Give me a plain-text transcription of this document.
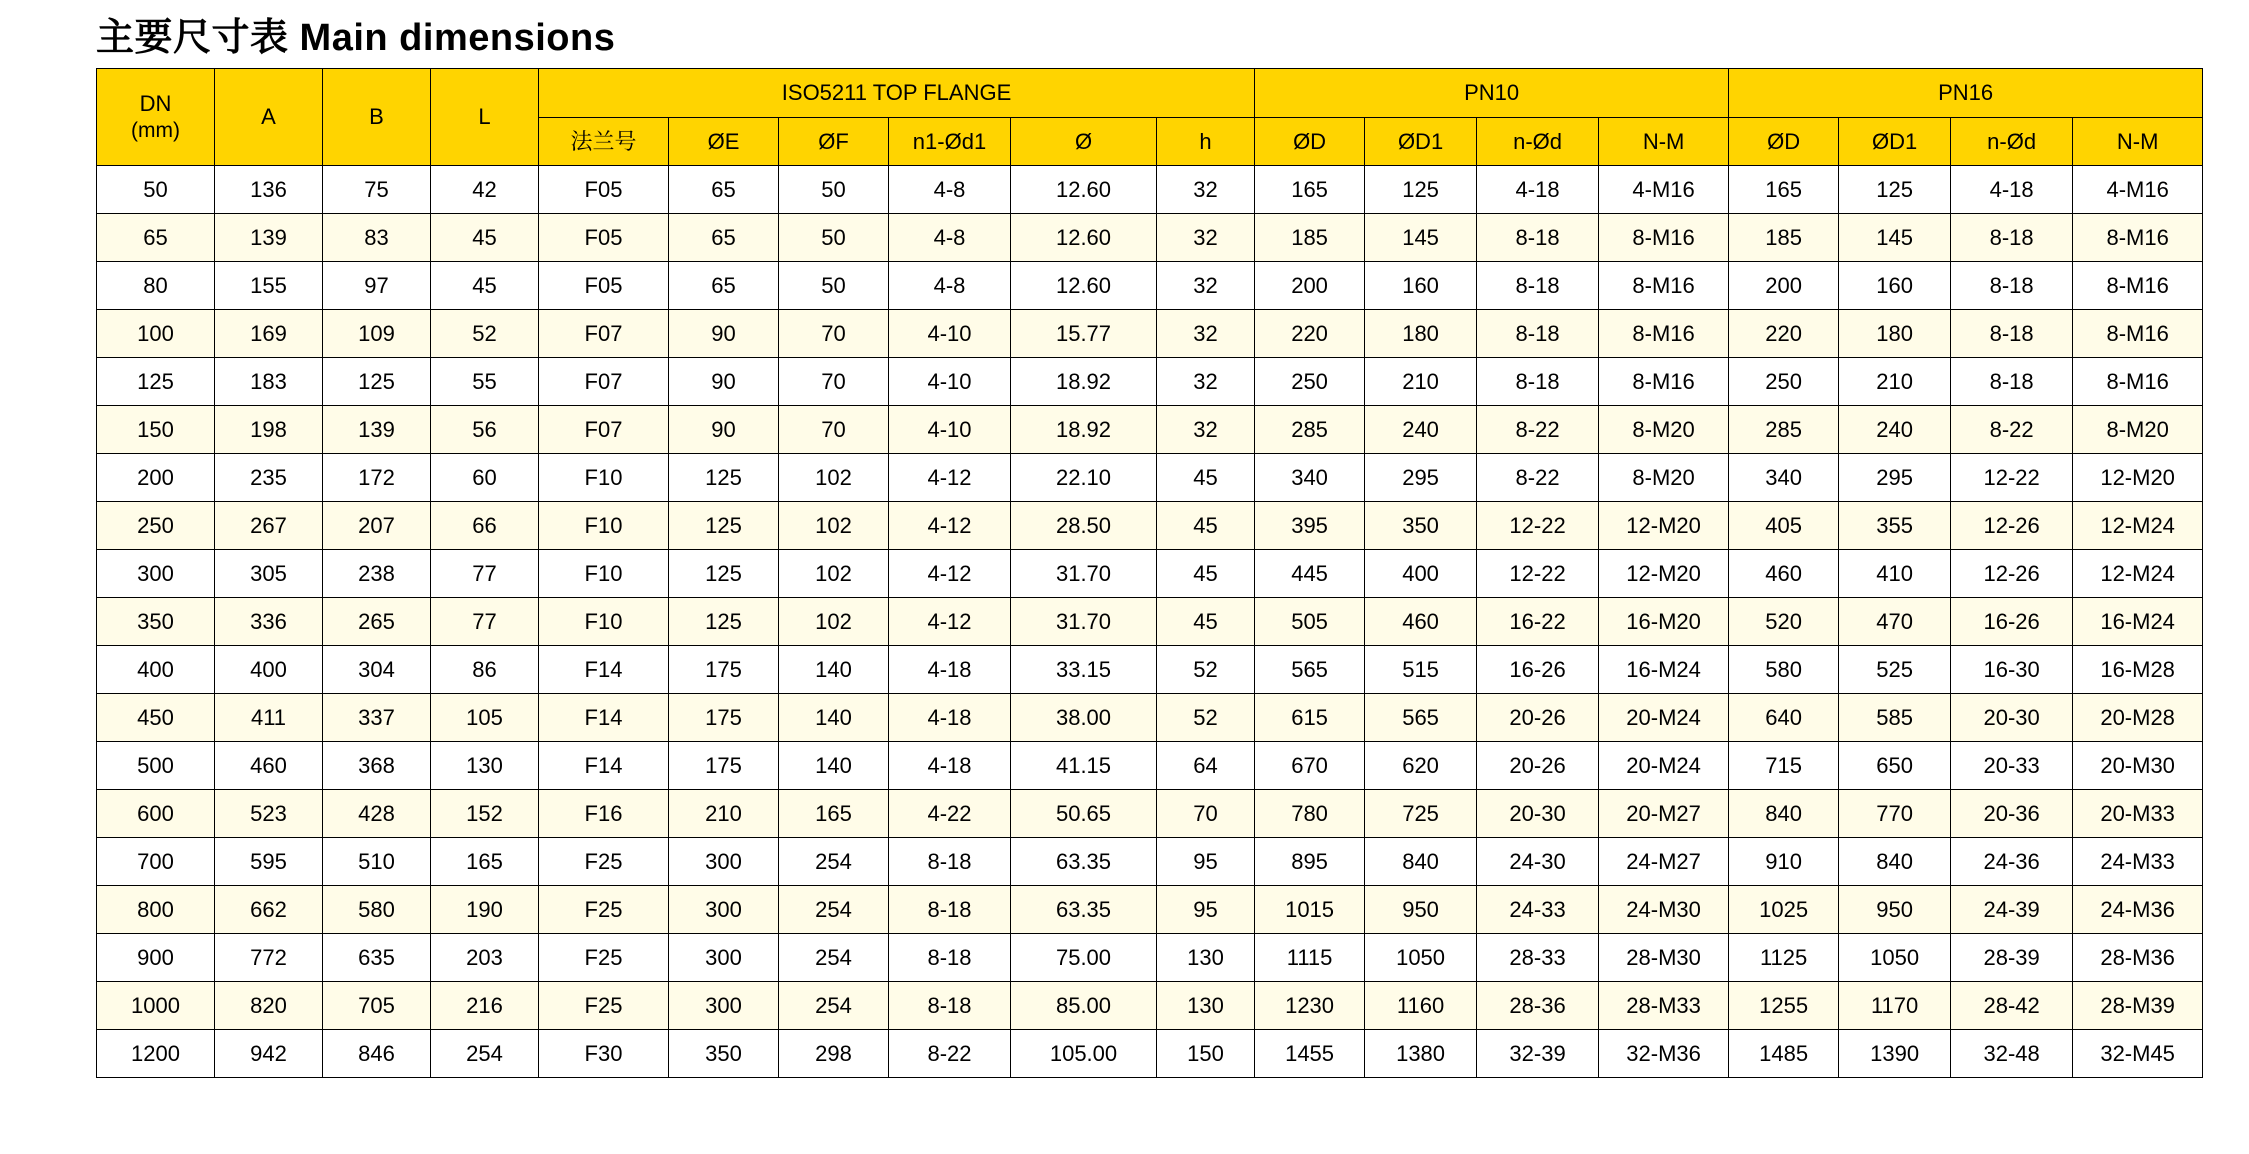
主要尺寸表 Main dimensions
DN
(mm)	A	B	L	ISO5211 TOP FLANGE						PN10				PN16			
				法兰号	ØE	ØF	n1-Ød1	Ø	h	ØD	ØD1	n-Ød	N-M	ØD	ØD1	n-Ød	N-M
50	136	75	42	F05	65	50	4-8	12.60	32	165	125	4-18	4-M16	165	125	4-18	4-M16
65	139	83	45	F05	65	50	4-8	12.60	32	185	145	8-18	8-M16	185	145	8-18	8-M16
80	155	97	45	F05	65	50	4-8	12.60	32	200	160	8-18	8-M16	200	160	8-18	8-M16
100	169	109	52	F07	90	70	4-10	15.77	32	220	180	8-18	8-M16	220	180	8-18	8-M16
125	183	125	55	F07	90	70	4-10	18.92	32	250	210	8-18	8-M16	250	210	8-18	8-M16
150	198	139	56	F07	90	70	4-10	18.92	32	285	240	8-22	8-M20	285	240	8-22	8-M20
200	235	172	60	F10	125	102	4-12	22.10	45	340	295	8-22	8-M20	340	295	12-22	12-M20
250	267	207	66	F10	125	102	4-12	28.50	45	395	350	12-22	12-M20	405	355	12-26	12-M24
300	305	238	77	F10	125	102	4-12	31.70	45	445	400	12-22	12-M20	460	410	12-26	12-M24
350	336	265	77	F10	125	102	4-12	31.70	45	505	460	16-22	16-M20	520	470	16-26	16-M24
400	400	304	86	F14	175	140	4-18	33.15	52	565	515	16-26	16-M24	580	525	16-30	16-M28
450	411	337	105	F14	175	140	4-18	38.00	52	615	565	20-26	20-M24	640	585	20-30	20-M28
500	460	368	130	F14	175	140	4-18	41.15	64	670	620	20-26	20-M24	715	650	20-33	20-M30
600	523	428	152	F16	210	165	4-22	50.65	70	780	725	20-30	20-M27	840	770	20-36	20-M33
700	595	510	165	F25	300	254	8-18	63.35	95	895	840	24-30	24-M27	910	840	24-36	24-M33
800	662	580	190	F25	300	254	8-18	63.35	95	1015	950	24-33	24-M30	1025	950	24-39	24-M36
900	772	635	203	F25	300	254	8-18	75.00	130	1115	1050	28-33	28-M30	1125	1050	28-39	28-M36
1000	820	705	216	F25	300	254	8-18	85.00	130	1230	1160	28-36	28-M33	1255	1170	28-42	28-M39
1200	942	846	254	F30	350	298	8-22	105.00	150	1455	1380	32-39	32-M36	1485	1390	32-48	32-M45
